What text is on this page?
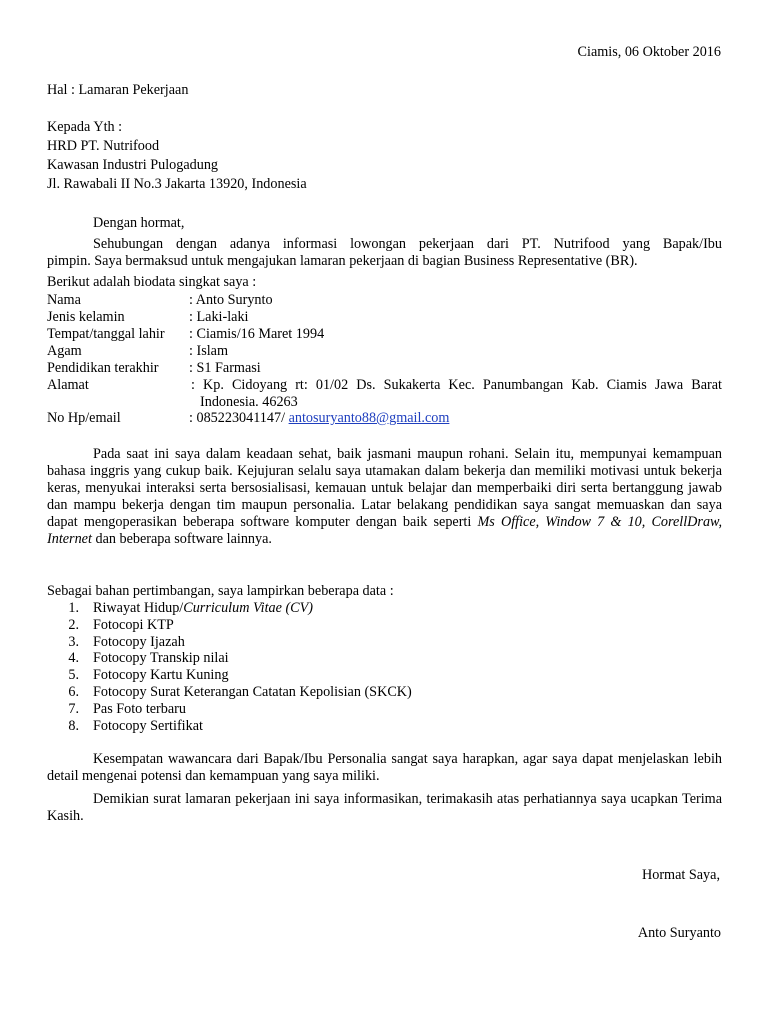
Ciamis, 06 Oktober 2016
Hal : Lamaran Pekerjaan
Kepada Yth :
HRD PT. Nutrifood
Kawasan Industri Pulogadung
Jl. Rawabali II No.3 Jakarta 13920, Indonesia
Dengan hormat,
Sehubungan dengan adanya informasi lowongan pekerjaan dari PT. Nutrifood yang Bapak/Ibu
pimpin. Saya bermaksud untuk mengajukan lamaran pekerjaan di bagian Business Representative (BR).
Berikut adalah biodata singkat saya :
Nama	: Anto Surynto
Jenis kelamin	: Laki-laki
Tempat/tanggal lahir : Ciamis/16 Maret 1994
Agam	: Islam
Pendidikan terakhir : S1 Farmasi
Alamat	: Kp. Cidoyang rt: 01/02 Ds. Sukakerta Kec. Panumbangan Kab. Ciamis Jawa Barat
Indonesia. 46263
No Hp/email	: 085223041147/ antosuryanto88@gmail.com

Pada saat ini saya dalam keadaan sehat, baik jasmani maupun rohani. Selain itu, mempunyai kemampuan bahasa inggris yang cukup baik. Kejujuran selalu saya utamakan dalam bekerja dan memiliki motivasi untuk bekerja keras, menyukai interaksi serta bersosialisasi, kemauan untuk belajar dan memperbaiki diri serta bertanggung jawab dan mampu bekerja dengan tim maupun personalia. Latar belakang pendidikan saya sangat memuaskan dan saya dapat mengoperasikan beberapa software komputer dengan baik seperti Ms Office, Window 7 & 10, CorellDraw, Internet dan beberapa software lainnya.

Sebagai bahan pertimbangan, saya lampirkan beberapa data :
1. Riwayat Hidup/Curriculum Vitae (CV)
2. Fotocopi KTP
3. Fotocopy Ijazah
4. Fotocopy Transkip nilai
5. Fotocopy Kartu Kuning
6. Fotocopy Surat Keterangan Catatan Kepolisian (SKCK)
7. Pas Foto terbaru
8. Fotocopy Sertifikat

Kesempatan wawancara dari Bapak/Ibu Personalia sangat saya harapkan, agar saya dapat menjelaskan lebih detail mengenai potensi dan kemampuan yang saya miliki.

Demikian surat lamaran pekerjaan ini saya informasikan, terimakasih atas perhatiannya saya ucapkan Terima Kasih.

Hormat Saya,
Anto Suryanto
